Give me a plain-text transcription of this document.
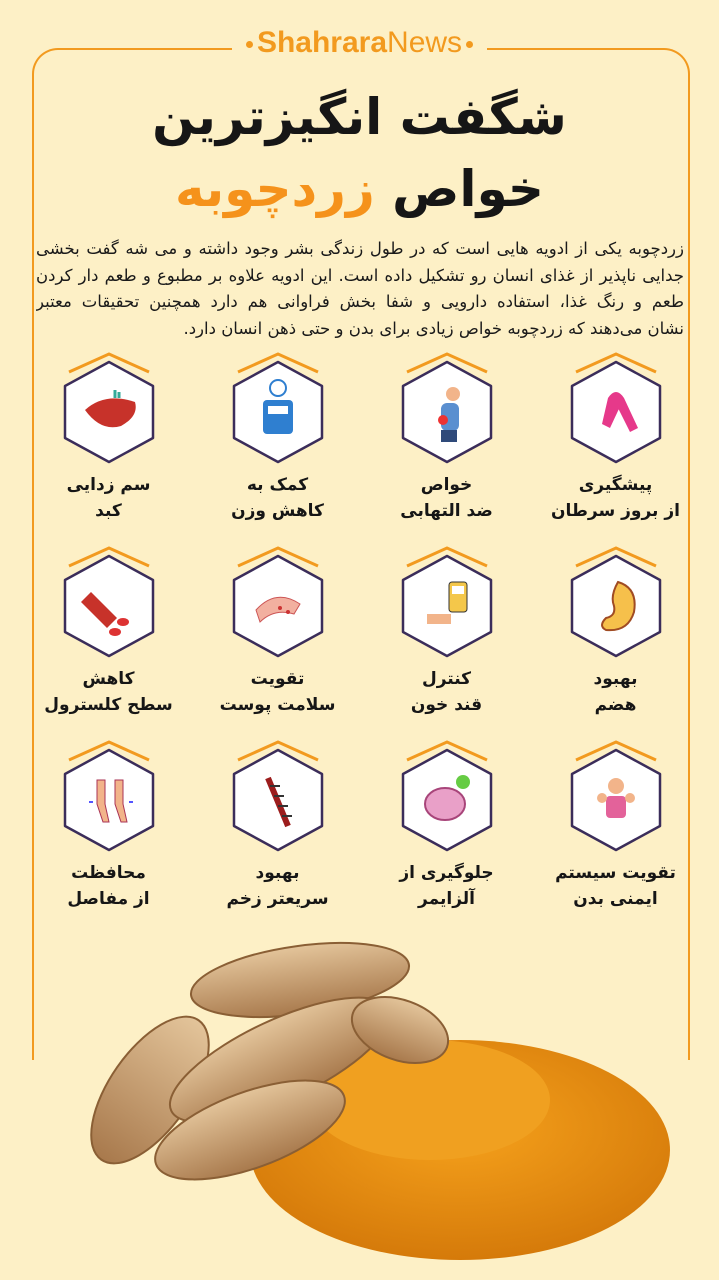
ShahraraNews
شگفت انگیزترین
خواص زردچوبه
زردچوبه یکی از ادویه هایی است که در طول زندگی بشر وجود داشته و می شه گفت بخشی
جدایی ناپذیر از غذای انسان رو تشکیل داده است. این ادویه علاوه بر مطبوع و طعم دار کردن
طعم و رنگ غذا، استفاده دارویی و شفا بخش فراوانی هم دارد همچنین تحقیقات معتبر
نشان می‌دهند که زردچوبه خواص زیادی برای بدن و حتی ذهن انسان دارد.
پیشگیری
از بروز سرطان
خواص
ضد التهابی
کمک به
کاهش وزن
سم زدایی
کبد
بهبود
هضم
کنترل
قند خون
تقویت
سلامت پوست
کاهش
سطح کلسترول
تقویت سیستم
ایمنی بدن
جلوگیری از
آلزایمر
بهبود
سریعتر زخم
محافظت
از مفاصل
